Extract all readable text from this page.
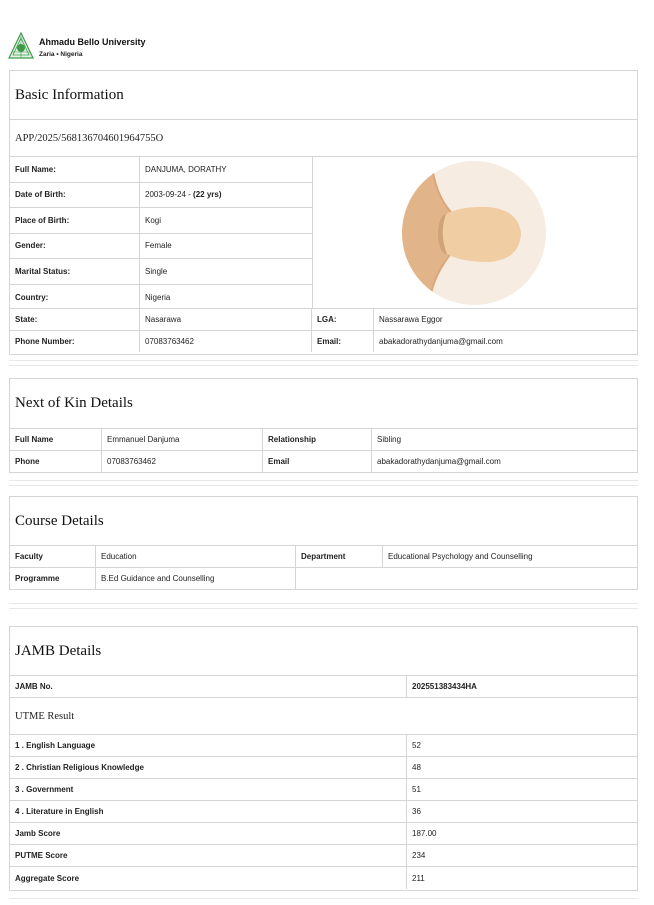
Ahmadu Bello University
Zaria • Nigeria
Basic Information
APP/2025/568136704601964755O
Full Name:	DANJUMA, DORATHY
Date of Birth:	2003-09-24 - (22 yrs)
Place of Birth:	Kogi
Gender:	Female
Marital Status:	Single
Country:	Nigeria
State:	Nasarawa	LGA:	Nassarawa Eggor
Phone Number:	07083763462	Email:	abakadorathydanjuma@gmail.com
Next of Kin Details
Full Name	Emmanuel Danjuma	Relationship	Sibling
Phone	07083763462	Email	abakadorathydanjuma@gmail.com
Course Details
Faculty	Education	Department	Educational Psychology and Counselling
Programme	B.Ed Guidance and Counselling
JAMB Details
JAMB No.	202551383434HA
UTME Result
1 . English Language	52
2 . Christian Religious Knowledge	48
3 . Government	51
4 . Literature in English	36
Jamb Score	187.00
PUTME Score	234
Aggregate Score	211
